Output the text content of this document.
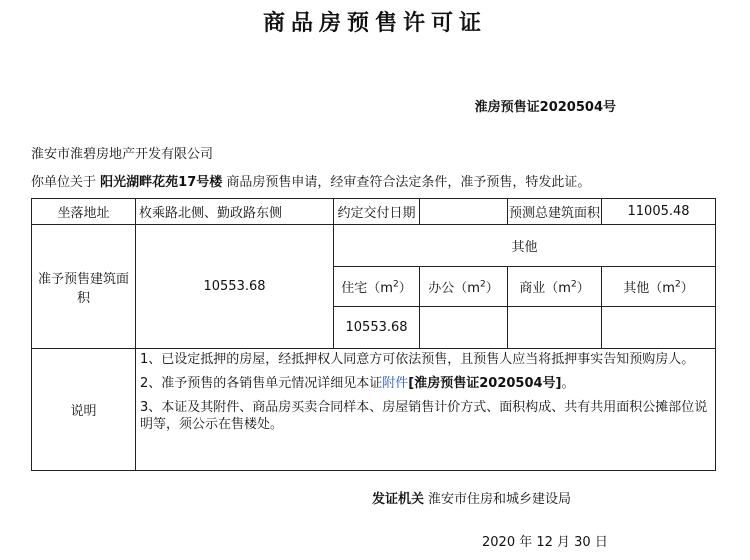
商品房预售许可证
淮房预售证2020504号
淮安市淮碧房地产开发有限公司
你单位关于 阳光湖畔花苑17号楼 商品房预售申请，经审查符合法定条件，准予预售，特发此证。
坐落地址	枚乘路北侧、勤政路东侧	约定交付日期		预测总建筑面积	11005.48
准予预售建筑面积	10553.68	其他			
		住宅$(m^2)$	办公$(m^2)$	商业$(m^2)$	其他$(m^2)$
		10553.68			
说明	1、已设定抵押的房屋，经抵押权人同意方可依法预售，且预售人应当将抵押事实告知预购房人。

2、准予预售的各销售单元情况详细见本证附件[淮房预售证2020504号]。

3、本证及其附件、商品房买卖合同样本、房屋销售计价方式、面积构成、共有共用面积公摊部位说明等，须公示在售楼处。				

发证机关 淮安市住房和城乡建设局
2020 年 12 月 30 日
